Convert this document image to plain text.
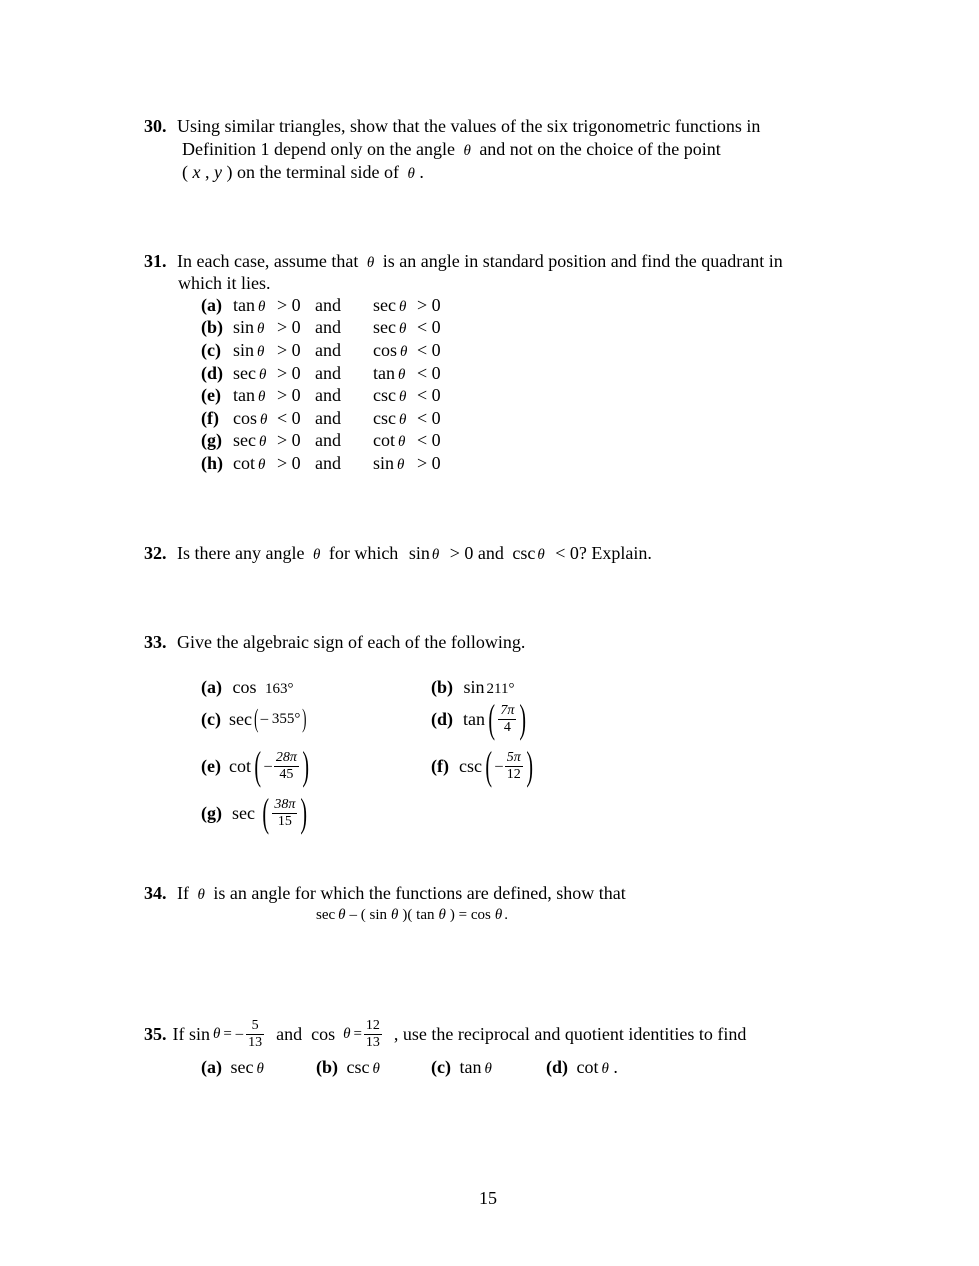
30. Using similar triangles, show that the values of the six trigonometric functions in
Definition 1 depend only on the angle θ and not on the choice of the point
( x , y ) on the terminal side of θ .
31. In each case, assume that θ is an angle in standard position and find the quadrant in
which it lies.
(a)	tan θ	> 0	and	sec θ	> 0
(b)	sin θ	> 0	and	sec θ	< 0
(c)	sin θ	> 0	and	cos θ	< 0
(d)	sec θ	> 0	and	tan θ	< 0
(e)	tan θ	> 0	and	csc θ	< 0
(f)	cos θ	< 0	and	csc θ	< 0
(g)	sec θ	> 0	and	cot θ	< 0
(h)	cot θ	> 0	and	sin θ	> 0
32. Is there any angle θ for which sin θ > 0 and csc θ < 0? Explain.
33. Give the algebraic sign of each of the following.
(a) cos 163°	(b) sin 211°
(c) sec ( – 355° )	(d) tan ( $\frac{7\pi}{4}$ )
(e) cot ( – $\frac{28\pi}{45}$ )	(f) csc ( – $\frac{5\pi}{12}$ )
(g) sec ( $\frac{38\pi}{15}$ )
34. If θ is an angle for which the functions are defined, show that
sec θ – ( sin θ )( tan θ ) = cos θ .
35. If sin θ = – $\frac{5}{13}$ and  $\cos \theta = \frac{12}{13}$ , use the reciprocal and quotient identities to find
(a) sec θ	(b) csc θ	(c) tan θ	(d) cot θ .
15
